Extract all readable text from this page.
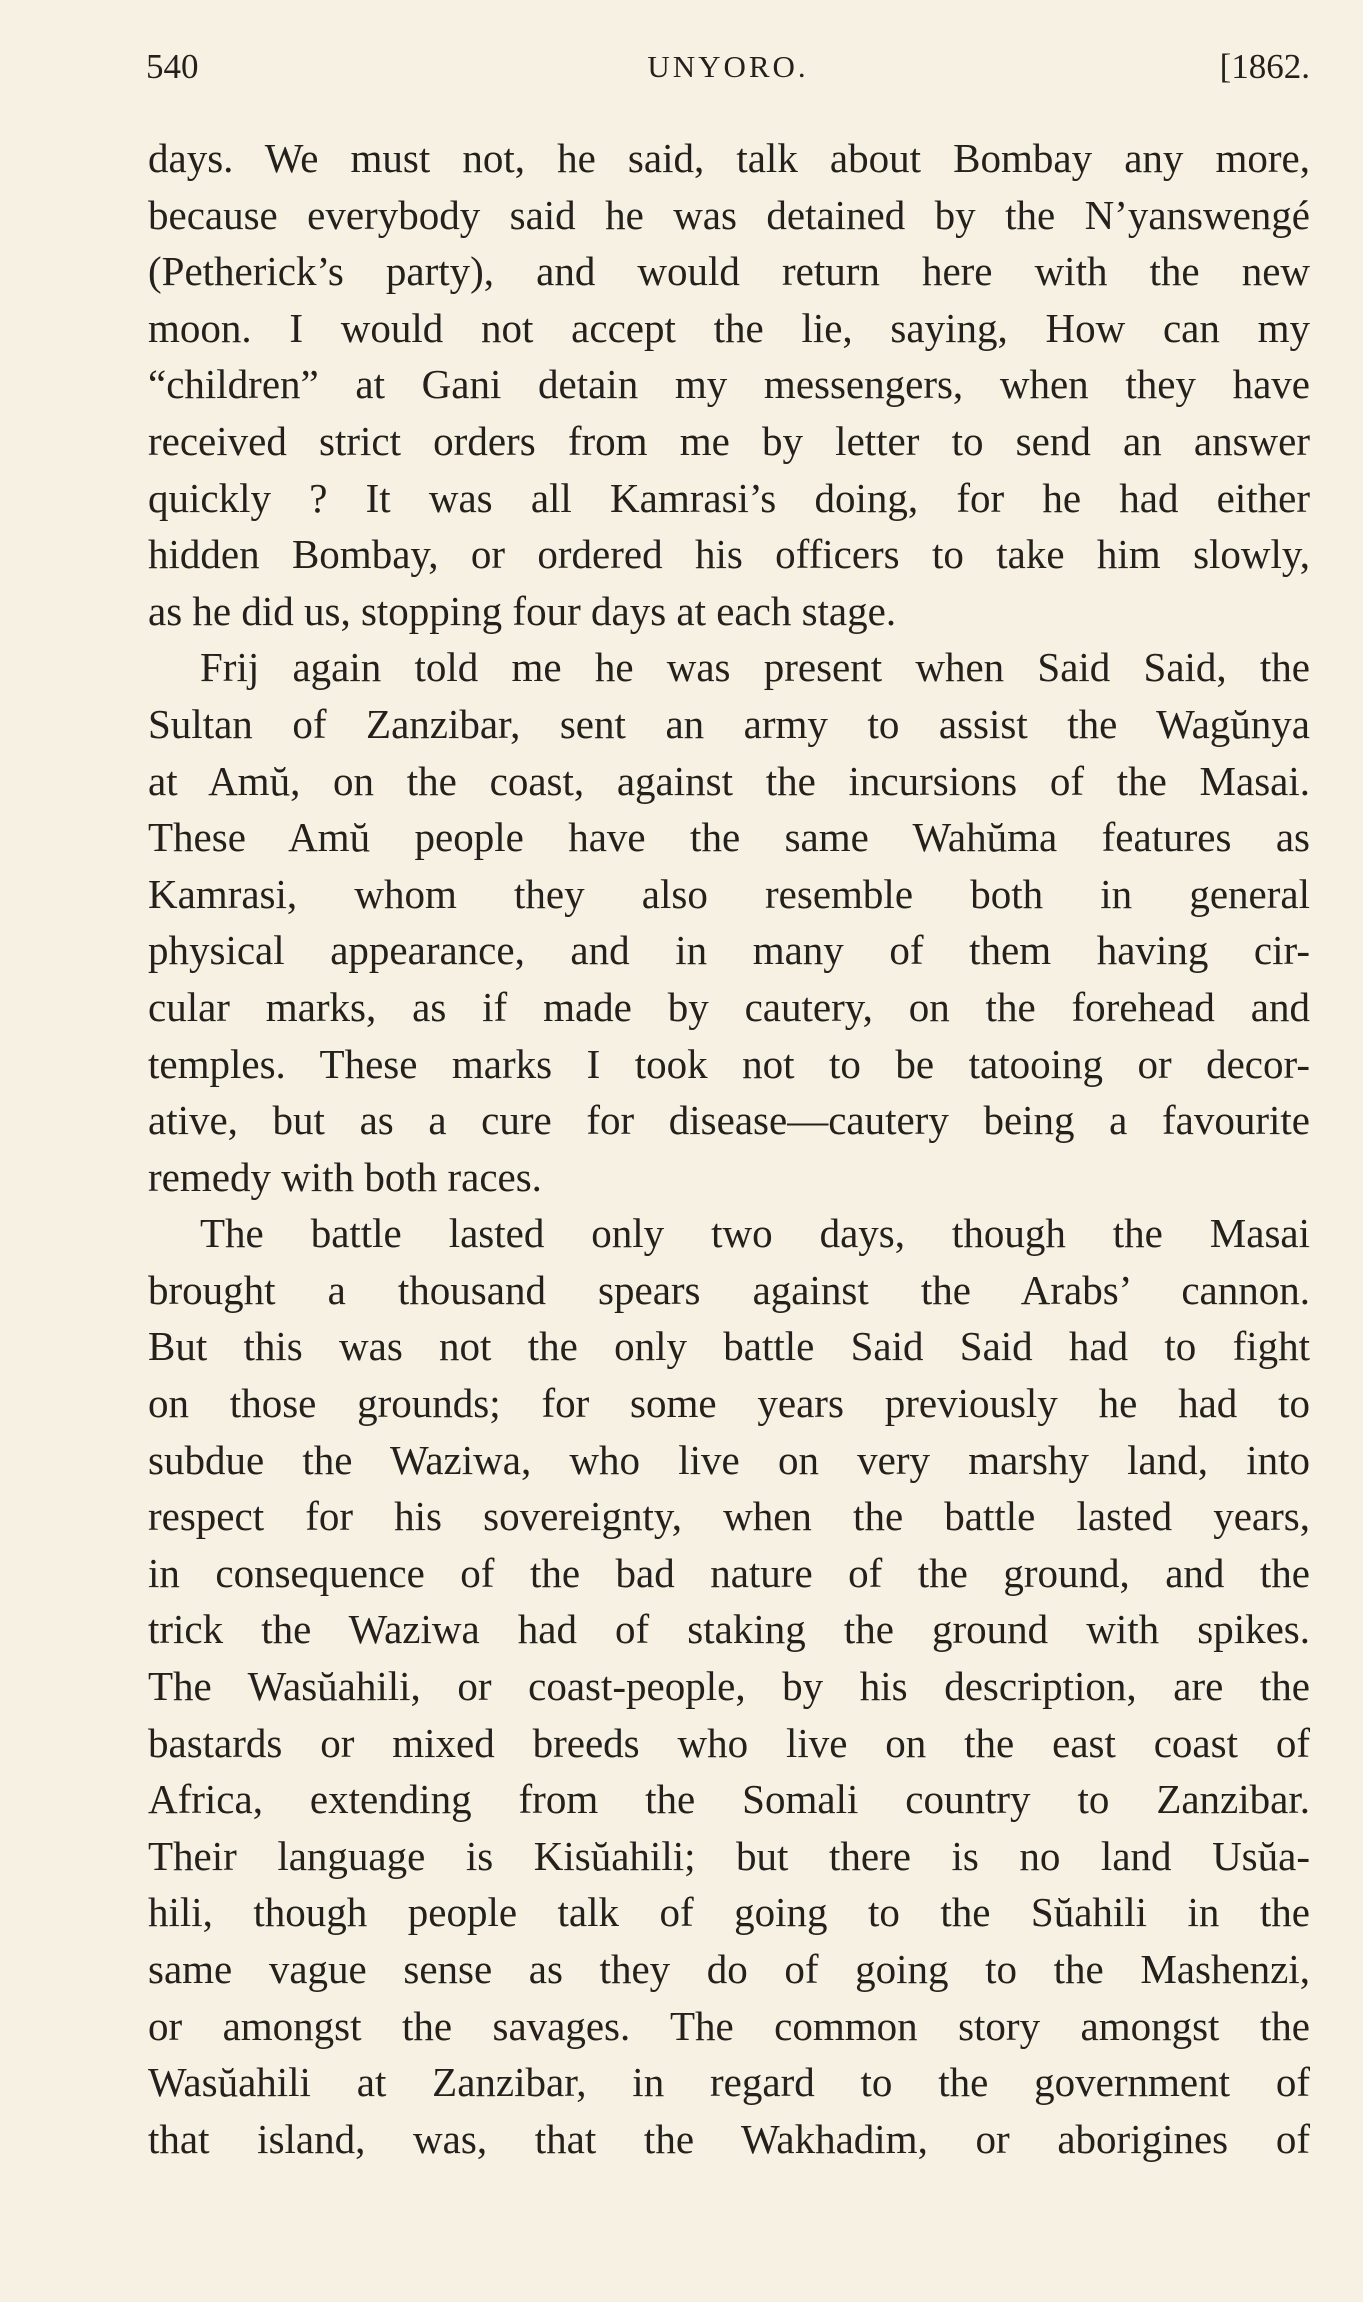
540	UNYORO.	[1862.
days. We must not, he said, talk about Bombay any more,
because everybody said he was detained by the N’yanswengé
(Petherick’s party), and would return here with the new
moon. I would not accept the lie, saying, How can my
“children” at Gani detain my messengers, when they have
received strict orders from me by letter to send an answer
quickly ? It was all Kamrasi’s doing, for he had either
hidden Bombay, or ordered his officers to take him slowly,
as he did us, stopping four days at each stage.
Frij again told me he was present when Said Said, the
Sultan of Zanzibar, sent an army to assist the Wagŭnya
at Amŭ, on the coast, against the incursions of the Masai.
These Amŭ people have the same Wahŭma features as
Kamrasi, whom they also resemble both in general
physical appearance, and in many of them having cir-
cular marks, as if made by cautery, on the forehead and
temples. These marks I took not to be tatooing or decor-
ative, but as a cure for disease—cautery being a favourite
remedy with both races.
The battle lasted only two days, though the Masai
brought a thousand spears against the Arabs’ cannon.
But this was not the only battle Said Said had to fight
on those grounds; for some years previously he had to
subdue the Waziwa, who live on very marshy land, into
respect for his sovereignty, when the battle lasted years,
in consequence of the bad nature of the ground, and the
trick the Waziwa had of staking the ground with spikes.
The Wasŭahili, or coast-people, by his description, are the
bastards or mixed breeds who live on the east coast of
Africa, extending from the Somali country to Zanzibar.
Their language is Kisŭahili; but there is no land Usŭa-
hili, though people talk of going to the Sŭahili in the
same vague sense as they do of going to the Mashenzi,
or amongst the savages. The common story amongst the
Wasŭahili at Zanzibar, in regard to the government of
that island, was, that the Wakhadim, or aborigines of
